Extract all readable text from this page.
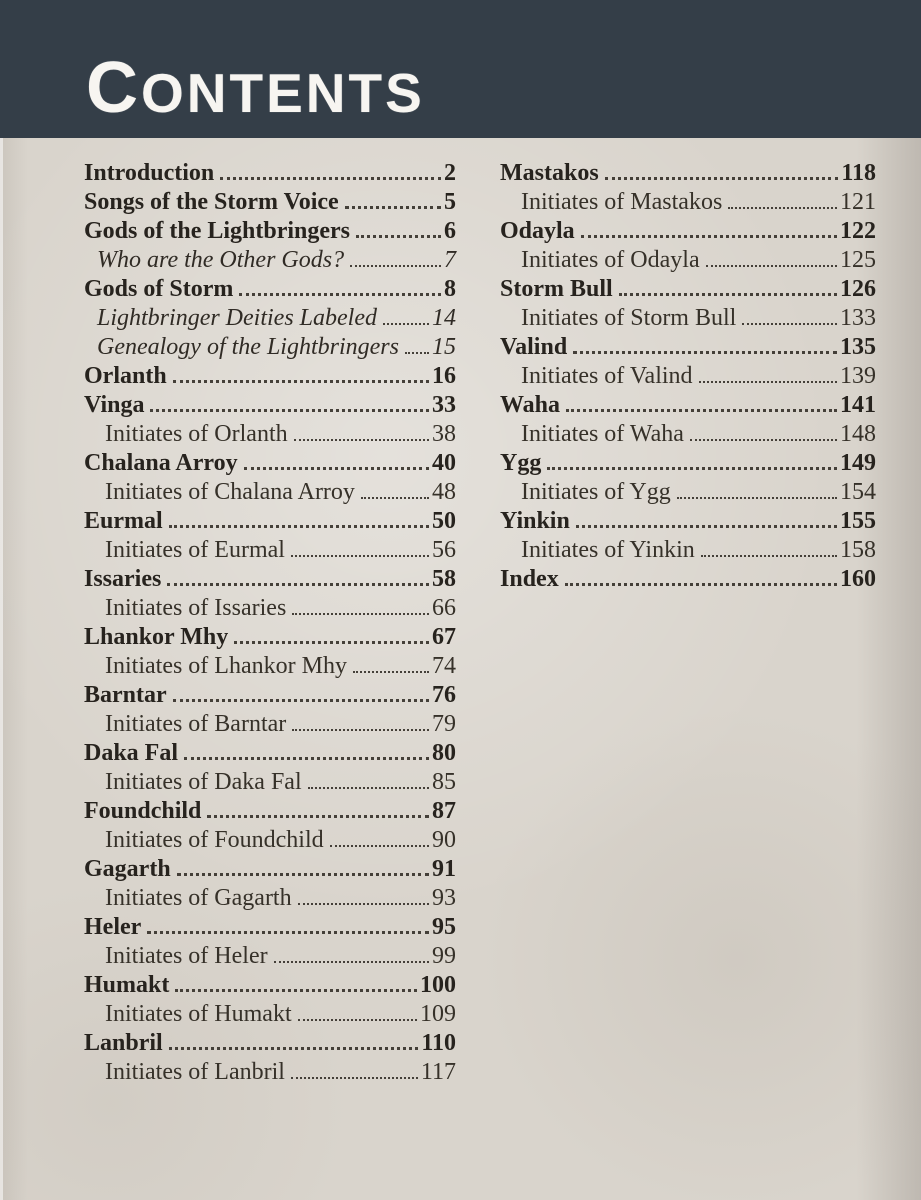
CONTENTS
Introduction	2
Songs of the Storm Voice	5
Gods of the Lightbringers	6
Who are the Other Gods?	7
Gods of Storm	8
Lightbringer Deities Labeled 14
Genealogy of the Lightbringers 15
Orlanth	16
Vinga	33
Initiates of Orlanth	38
Chalana Arroy	40
Initiates of Chalana Arroy	48
Eurmal	50
Initiates of Eurmal	56
Issaries	58
Initiates of Issaries	66
Lhankor Mhy	67
Initiates of Lhankor Mhy	74
Barntar	76
Initiates of Barntar	79
Daka Fal	80
Initiates of Daka Fal	85
Foundchild	87
Initiates of Foundchild	90
Gagarth	91
Initiates of Gagarth	93
Heler	95
Initiates of Heler	99
Humakt	100
Initiates of Humakt	109
Lanbril	110
Initiates of Lanbril	117
Mastakos	118
Initiates of Mastakos	121
Odayla	122
Initiates of Odayla	125
Storm Bull	126
Initiates of Storm Bull	133
Valind	135
Initiates of Valind	139
Waha	141
Initiates of Waha	148
Ygg	149
Initiates of Ygg	154
Yinkin	155
Initiates of Yinkin	158
Index	160
